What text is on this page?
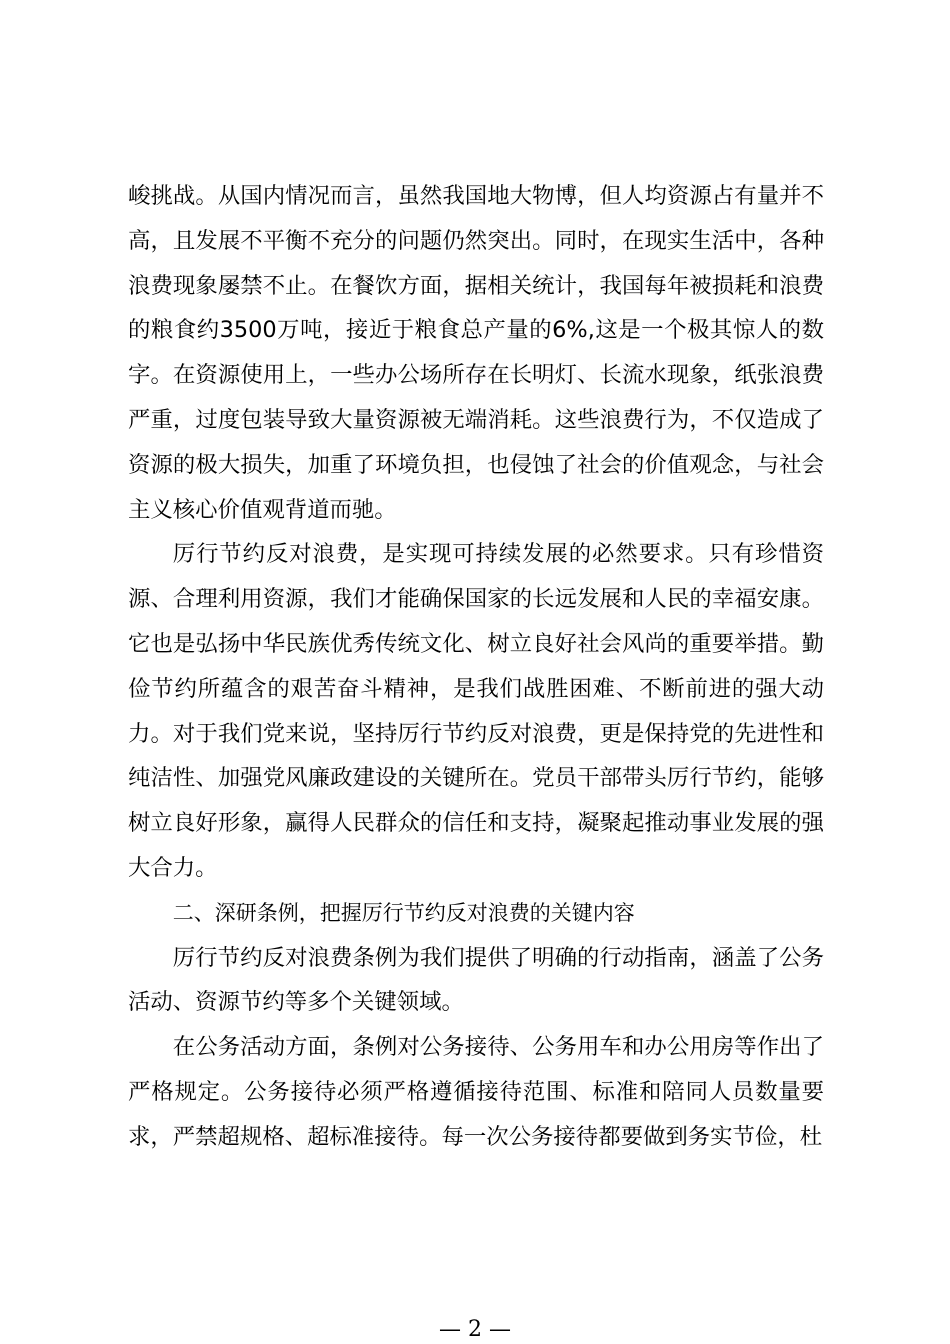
峻挑战。从国内情况而言，虽然我国地大物博，但人均资源占有量并不高，且发展不平衡不充分的问题仍然突出。同时，在现实生活中，各种浪费现象屡禁不止。在餐饮方面，据相关统计，我国每年被损耗和浪费的粮食约3500万吨，接近于粮食总产量的6%,这是一个极其惊人的数字。在资源使用上，一些办公场所存在长明灯、长流水现象，纸张浪费严重，过度包装导致大量资源被无端消耗。这些浪费行为，不仅造成了资源的极大损失，加重了环境负担，也侵蚀了社会的价值观念，与社会主义核心价值观背道而驰。

厉行节约反对浪费，是实现可持续发展的必然要求。只有珍惜资源、合理利用资源，我们才能确保国家的长远发展和人民的幸福安康。它也是弘扬中华民族优秀传统文化、树立良好社会风尚的重要举措。勤俭节约所蕴含的艰苦奋斗精神，是我们战胜困难、不断前进的强大动力。对于我们党来说，坚持厉行节约反对浪费，更是保持党的先进性和纯洁性、加强党风廉政建设的关键所在。党员干部带头厉行节约，能够树立良好形象，赢得人民群众的信任和支持，凝聚起推动事业发展的强大合力。

二、深研条例，把握厉行节约反对浪费的关键内容

厉行节约反对浪费条例为我们提供了明确的行动指南，涵盖了公务活动、资源节约等多个关键领域。

在公务活动方面，条例对公务接待、公务用车和办公用房等作出了严格规定。公务接待必须严格遵循接待范围、标准和陪同人员数量要求，严禁超规格、超标准接待。每一次公务接待都要做到务实节俭，杜

— 2 —
